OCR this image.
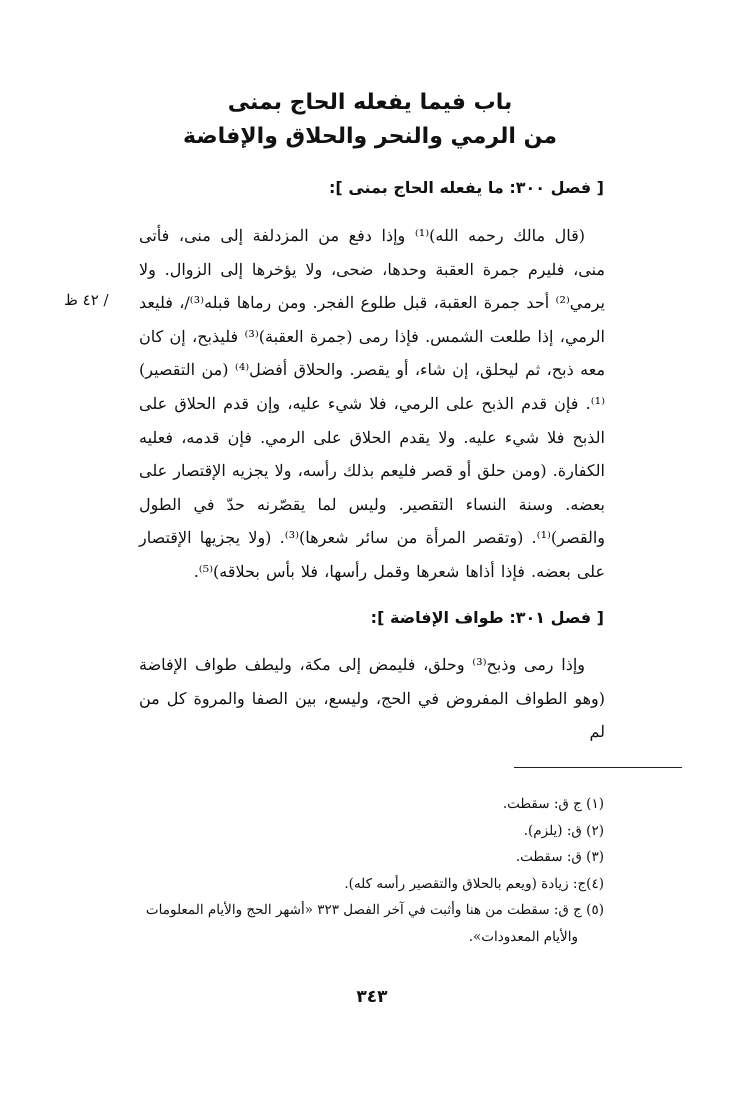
باب فيما يفعله الحاج بمنى
من الرمي والنحر والحلاق والإفاضة
[ فصل ٣٠٠: ما يفعله الحاج بمنى ]:
/ ٤٢ ظ

(قال مالك رحمه الله)⁽¹⁾ وإذا دفع من المزدلفة إلى منى، فأتى منى، فليرم جمرة العقبة وحدها، ضحى، ولا يؤخرها إلى الزوال. ولا يرمي⁽²⁾ أحد جمرة العقبة، قبل طلوع الفجر. ومن رماها قبله⁽³⁾/، فليعد الرمي، إذا طلعت الشمس. فإذا رمى (جمرة العقبة)⁽³⁾ فليذبح، إن كان معه ذبح، ثم ليحلق، إن شاء، أو يقصر. والحلاق أفضل⁽⁴⁾ (من التقصير)⁽¹⁾. فإن قدم الذبح على الرمي، فلا شيء عليه، وإن قدم الحلاق على الذبح فلا شيء عليه. ولا يقدم الحلاق على الرمي. فإن قدمه، فعليه الكفارة. (ومن حلق أو قصر فليعم بذلك رأسه، ولا يجزيه الإقتصار على بعضه. وسنة النساء التقصير. وليس لما يقصّرنه حدّ في الطول والقصر)⁽¹⁾. (وتقصر المرأة من سائر شعرها)⁽³⁾. (ولا يجزيها الإقتصار على بعضه. فإذا أذاها شعرها وقمل رأسها، فلا بأس بحلاقه)⁽⁵⁾.

[ فصل ٣٠١: طواف الإفاضة ]:

وإذا رمى وذبح⁽³⁾ وحلق، فليمض إلى مكة، وليطف طواف الإفاضة (وهو الطواف المفروض في الحج، وليسع، بين الصفا والمروة كل من لم

(١) ج ق: سقطت.

(٢) ق: (يلزم).

(٣) ق: سقطت.

(٤)ج: زيادة (ويعم بالحلاق والتقصير رأسه كله).

(٥) ج ق: سقطت من هنا وأثبت في آخر الفصل ٣٢٣ «أشهر الحج والأيام المعلومات والأيام المعدودات».

٣٤٣
